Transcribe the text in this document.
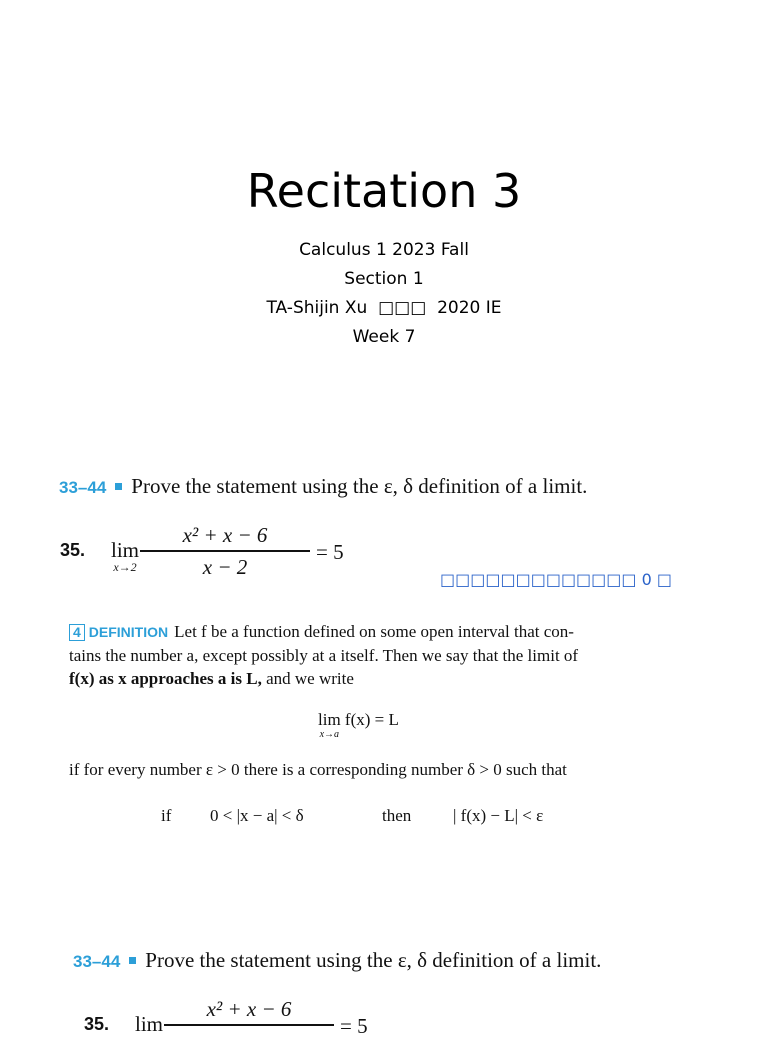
Recitation 3
Calculus 1 2023 Fall
Section 1
TA-Shijin Xu  □□□  2020 IE
Week 7
33–44 Prove the statement using the ε, δ definition of a limit.
35. lim
x→2
x² + x − 6
x − 2
= 5
□□□□□□□□□□□□□ 0 □
4 DEFINITION Let f be a function defined on some open interval that con-
tains the number a, except possibly at a itself. Then we say that the limit of
f(x) as x approaches a is L, and we write
lim
x→a
f(x) = L
if for every number ε > 0 there is a corresponding number δ > 0 such that
if 0 < |x − a| < δ	then | f(x) − L| < ε
33–44 Prove the statement using the ε, δ definition of a limit.
35. lim
x² + x − 6
= 5
